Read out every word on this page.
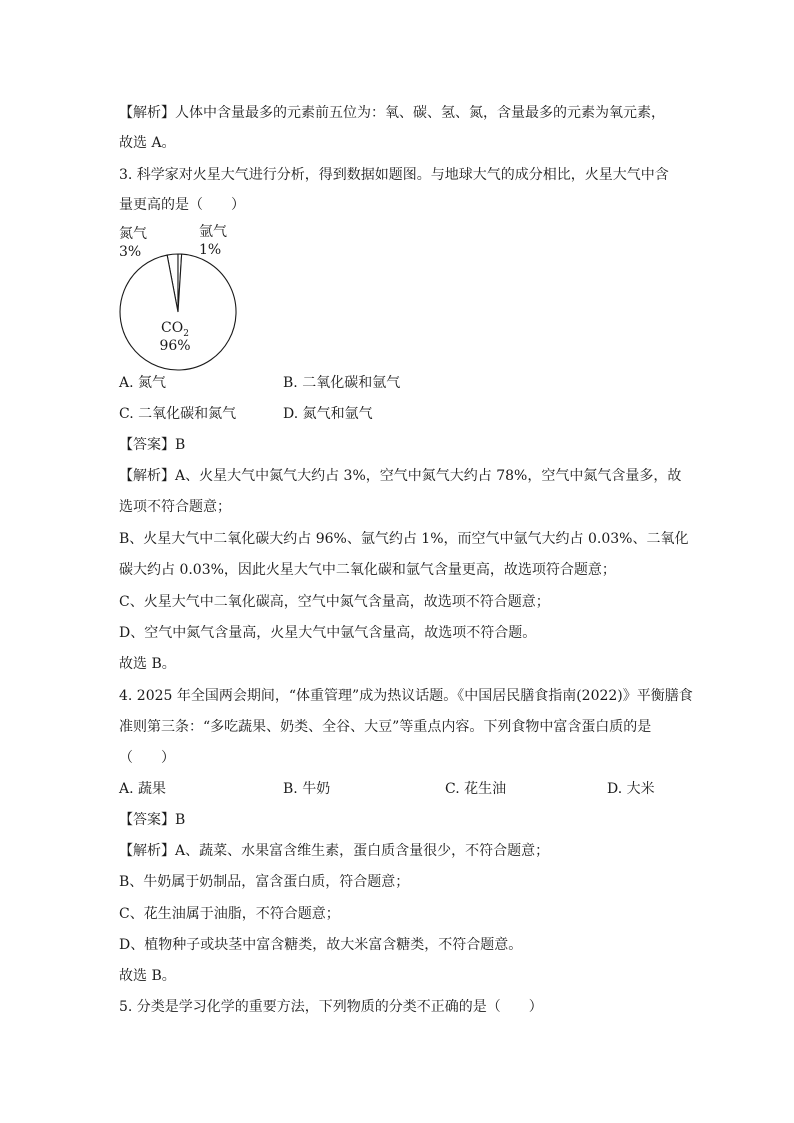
【解析】人体中含量最多的元素前五位为：氧、碳、氢、氮，含量最多的元素为氧元素，
故选 A。
3. 科学家对火星大气进行分析，得到数据如题图。与地球大气的成分相比，火星大气中含
量更高的是（　　）
氮气
3%
氩气
1%
$CO_2$
96%
A. 氮气	B. 二氧化碳和氩气
C. 二氧化碳和氮气	D. 氮气和氩气
【答案】B
【解析】A、火星大气中氮气大约占 3%，空气中氮气大约占 78%，空气中氮气含量多，故
选项不符合题意；
B、火星大气中二氧化碳大约占 96%、氩气约占 1%，而空气中氩气大约占 0.03%、二氧化
碳大约占 0.03%，因此火星大气中二氧化碳和氩气含量更高，故选项符合题意；
C、火星大气中二氧化碳高，空气中氮气含量高，故选项不符合题意；
D、空气中氮气含量高，火星大气中氩气含量高，故选项不符合题。
故选 B。
4. 2025 年全国两会期间，“体重管理”成为热议话题。《中国居民膳食指南(2022)》平衡膳食
准则第三条：“多吃蔬果、奶类、全谷、大豆”等重点内容。下列食物中富含蛋白质的是
（　　）
A. 蔬果	B. 牛奶	C. 花生油	D. 大米
【答案】B
【解析】A、蔬菜、水果富含维生素，蛋白质含量很少，不符合题意；
B、牛奶属于奶制品，富含蛋白质，符合题意；
C、花生油属于油脂，不符合题意；
D、植物种子或块茎中富含糖类，故大米富含糖类，不符合题意。
故选 B。
5. 分类是学习化学的重要方法，下列物质的分类不正确的是（　　）
